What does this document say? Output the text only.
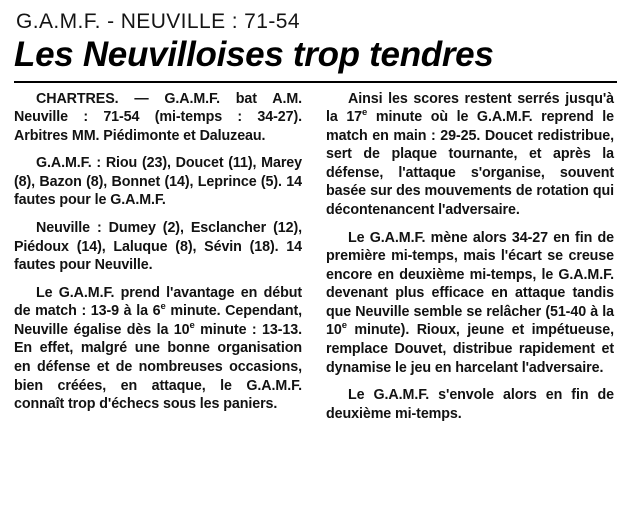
G.A.M.F. - NEUVILLE : 71-54
Les Neuvilloises trop tendres

CHARTRES. — G.A.M.F. bat A.M. Neuville : 71-54 (mi-temps : 34-27). Arbitres MM. Piédimonte et Daluzeau.

G.A.M.F. : Riou (23), Doucet (11), Marey (8), Bazon (8), Bonnet (14), Leprince (5). 14 fautes pour le G.A.M.F.

Neuville : Dumey (2), Esclancher (12), Piédoux (14), Laluque (8), Sévin (18). 14 fautes pour Neuville.

Le G.A.M.F. prend l'avantage en début de match : 13-9 à la 6e minute. Cependant, Neuville égalise dès la 10e minute : 13-13. En effet, malgré une bonne organisation en défense et de nombreuses occasions, bien créées, en attaque, le G.A.M.F. connaît trop d'échecs sous les paniers.

Ainsi les scores restent serrés jusqu'à la 17e minute où le G.A.M.F. reprend le match en main : 29-25. Doucet redistribue, sert de plaque tournante, et après la défense, l'attaque s'organise, souvent basée sur des mouvements de rotation qui décontenancent l'adversaire.

Le G.A.M.F. mène alors 34-27 en fin de première mi-temps, mais l'écart se creuse encore en deuxième mi-temps, le G.A.M.F. devenant plus efficace en attaque tandis que Neuville semble se relâcher (51-40 à la 10e minute). Rioux, jeune et impétueuse, remplace Douvet, distribue rapidement et dynamise le jeu en harcelant l'adversaire.

Le G.A.M.F. s'envole alors en fin de deuxième mi-temps.
